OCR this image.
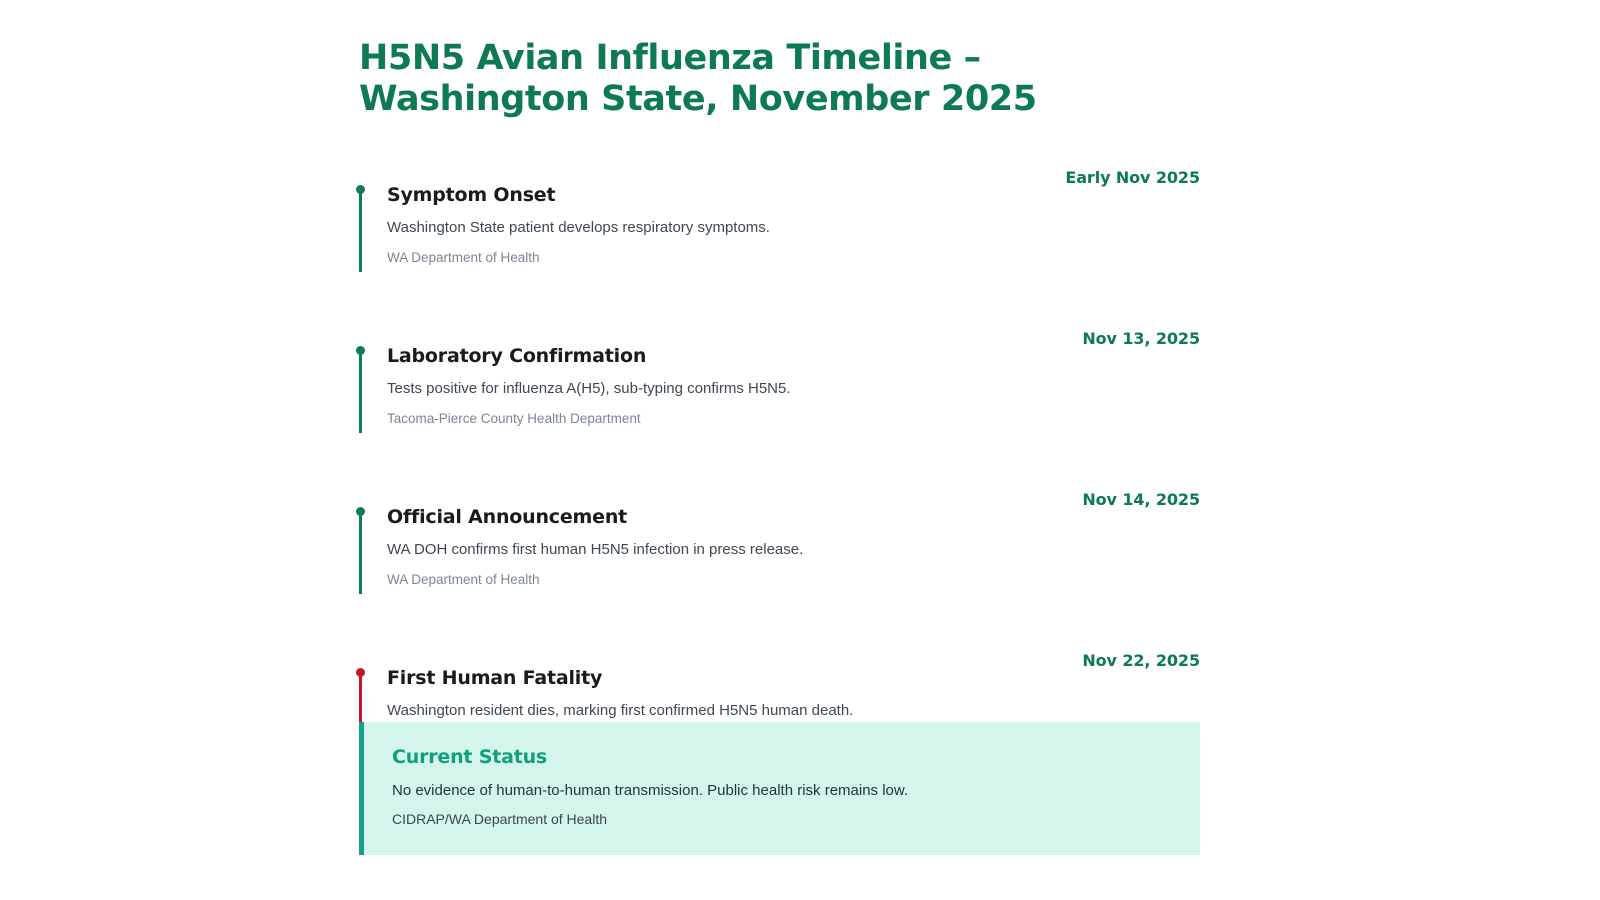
H5N5 Avian Influenza Timeline – Washington State, November 2025
Early Nov 2025
Symptom Onset

Washington State patient develops respiratory symptoms.

WA Department of Health

Nov 13, 2025
Laboratory Confirmation

Tests positive for influenza A(H5), sub-typing confirms H5N5.

Tacoma-Pierce County Health Department

Nov 14, 2025
Official Announcement

WA DOH confirms first human H5N5 infection in press release.

WA Department of Health

Nov 22, 2025
First Human Fatality

Washington resident dies, marking first confirmed H5N5 human death.

Current Status

No evidence of human-to-human transmission. Public health risk remains low.

CIDRAP/WA Department of Health
